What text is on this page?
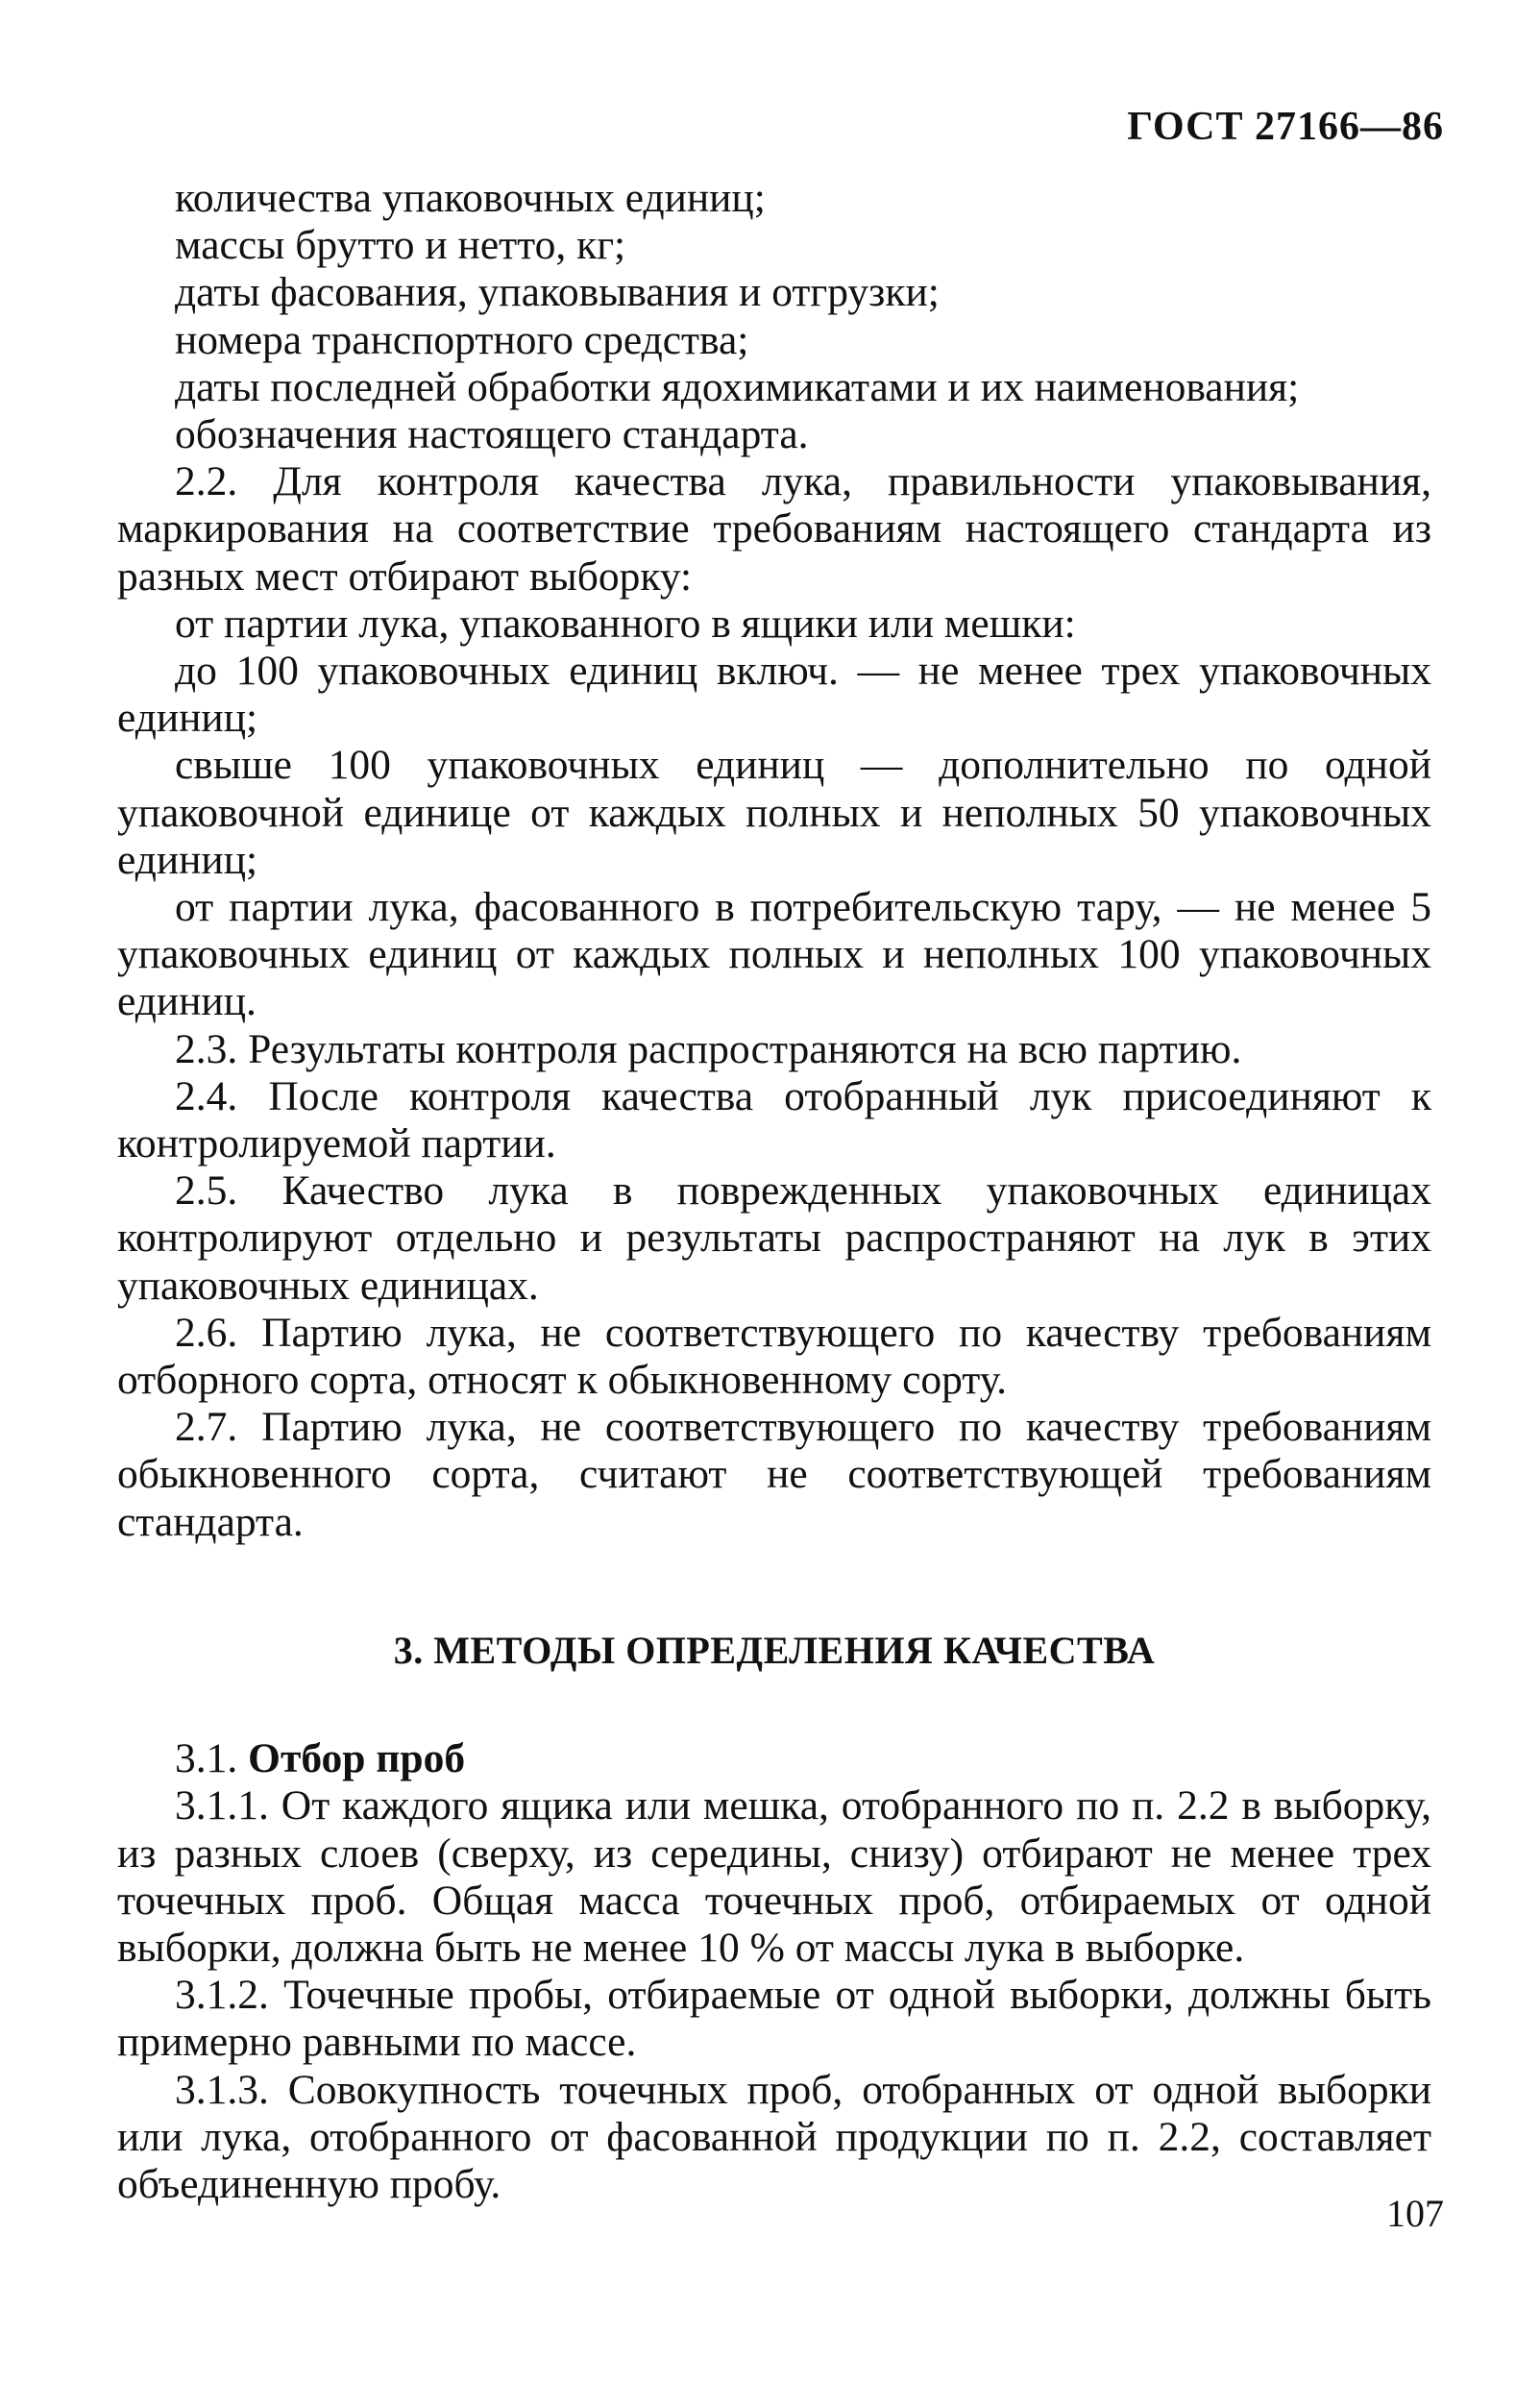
ГОСТ 27166—86

количества упаковочных единиц;

массы брутто и нетто, кг;

даты фасования, упаковывания и отгрузки;

номера транспортного средства;

даты последней обработки ядохимикатами и их наименования;

обозначения настоящего стандарта.

2.2. Для контроля качества лука, правильности упаковывания, маркирования на соответствие требованиям настоящего стандарта из разных мест отбирают выборку:

от партии лука, упакованного в ящики или мешки:

до 100 упаковочных единиц включ. — не менее трех упаковочных единиц;

свыше 100 упаковочных единиц — дополнительно по одной упаковочной единице от каждых полных и неполных 50 упаковочных единиц;

от партии лука, фасованного в потребительскую тару, — не менее 5 упаковочных единиц от каждых полных и неполных 100 упаковочных единиц.

2.3. Результаты контроля распространяются на всю партию.

2.4. После контроля качества отобранный лук присоединяют к контролируемой партии.

2.5. Качество лука в поврежденных упаковочных единицах контролируют отдельно и результаты распространяют на лук в этих упаковочных единицах.

2.6. Партию лука, не соответствующего по качеству требованиям отборного сорта, относят к обыкновенному сорту.

2.7. Партию лука, не соответствующего по качеству требованиям обыкновенного сорта, считают не соответствующей требованиям стандарта.

3. МЕТОДЫ ОПРЕДЕЛЕНИЯ КАЧЕСТВА

3.1. Отбор проб

3.1.1. От каждого ящика или мешка, отобранного по п. 2.2 в выборку, из разных слоев (сверху, из середины, снизу) отбирают не менее трех точечных проб. Общая масса точечных проб, отбираемых от одной выборки, должна быть не менее 10 % от массы лука в выборке.

3.1.2. Точечные пробы, отбираемые от одной выборки, должны быть примерно равными по массе.

3.1.3. Совокупность точечных проб, отобранных от одной выборки или лука, отобранного от фасованной продукции по п. 2.2, составляет объединенную пробу.

107
